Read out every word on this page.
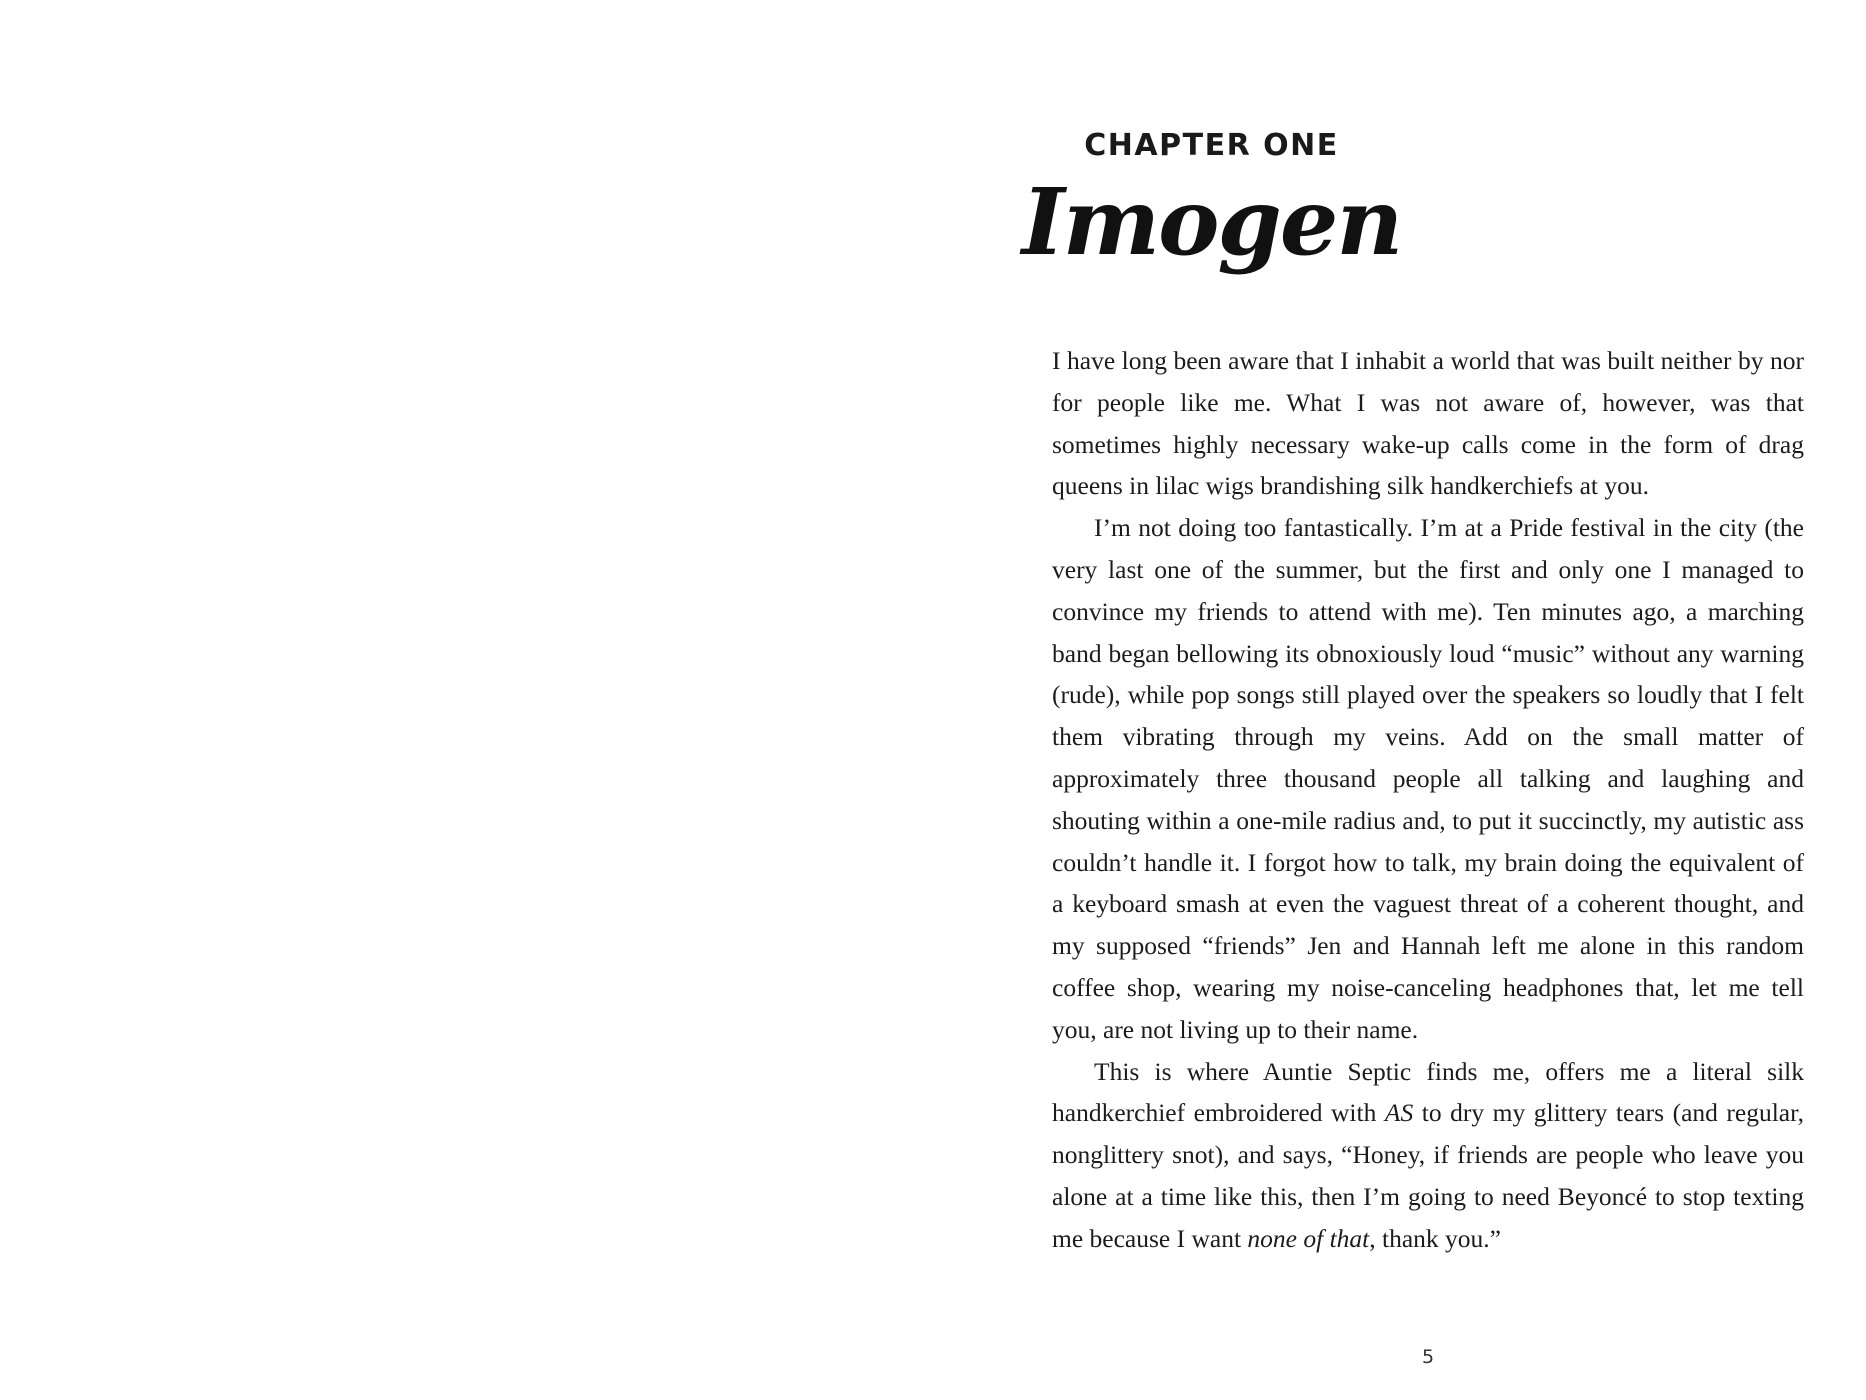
CHAPTER ONE
Imogen

I have long been aware that I inhabit a world that was built neither by nor for people like me. What I was not aware of, however, was that sometimes highly necessary wake-up calls come in the form of drag queens in lilac wigs brandishing silk handkerchiefs at you.

I’m not doing too fantastically. I’m at a Pride festival in the city (the very last one of the summer, but the first and only one I managed to convince my friends to attend with me). Ten minutes ago, a marching band began bellowing its obnoxiously loud “music” without any warning (rude), while pop songs still played over the speakers so loudly that I felt them vibrating through my veins. Add on the small matter of approximately three thousand people all talking and laughing and shouting within a one-mile radius and, to put it succinctly, my autistic ass couldn’t handle it. I forgot how to talk, my brain doing the equivalent of a keyboard smash at even the vaguest threat of a coherent thought, and my supposed “friends” Jen and Hannah left me alone in this random coffee shop, wearing my noise-canceling headphones that, let me tell you, are not living up to their name.

This is where Auntie Septic finds me, offers me a literal silk handkerchief embroidered with AS to dry my glittery tears (and regular, nonglittery snot), and says, “Honey, if friends are people who leave you alone at a time like this, then I’m going to need Beyoncé to stop texting me because I want none of that, thank you.”

5
